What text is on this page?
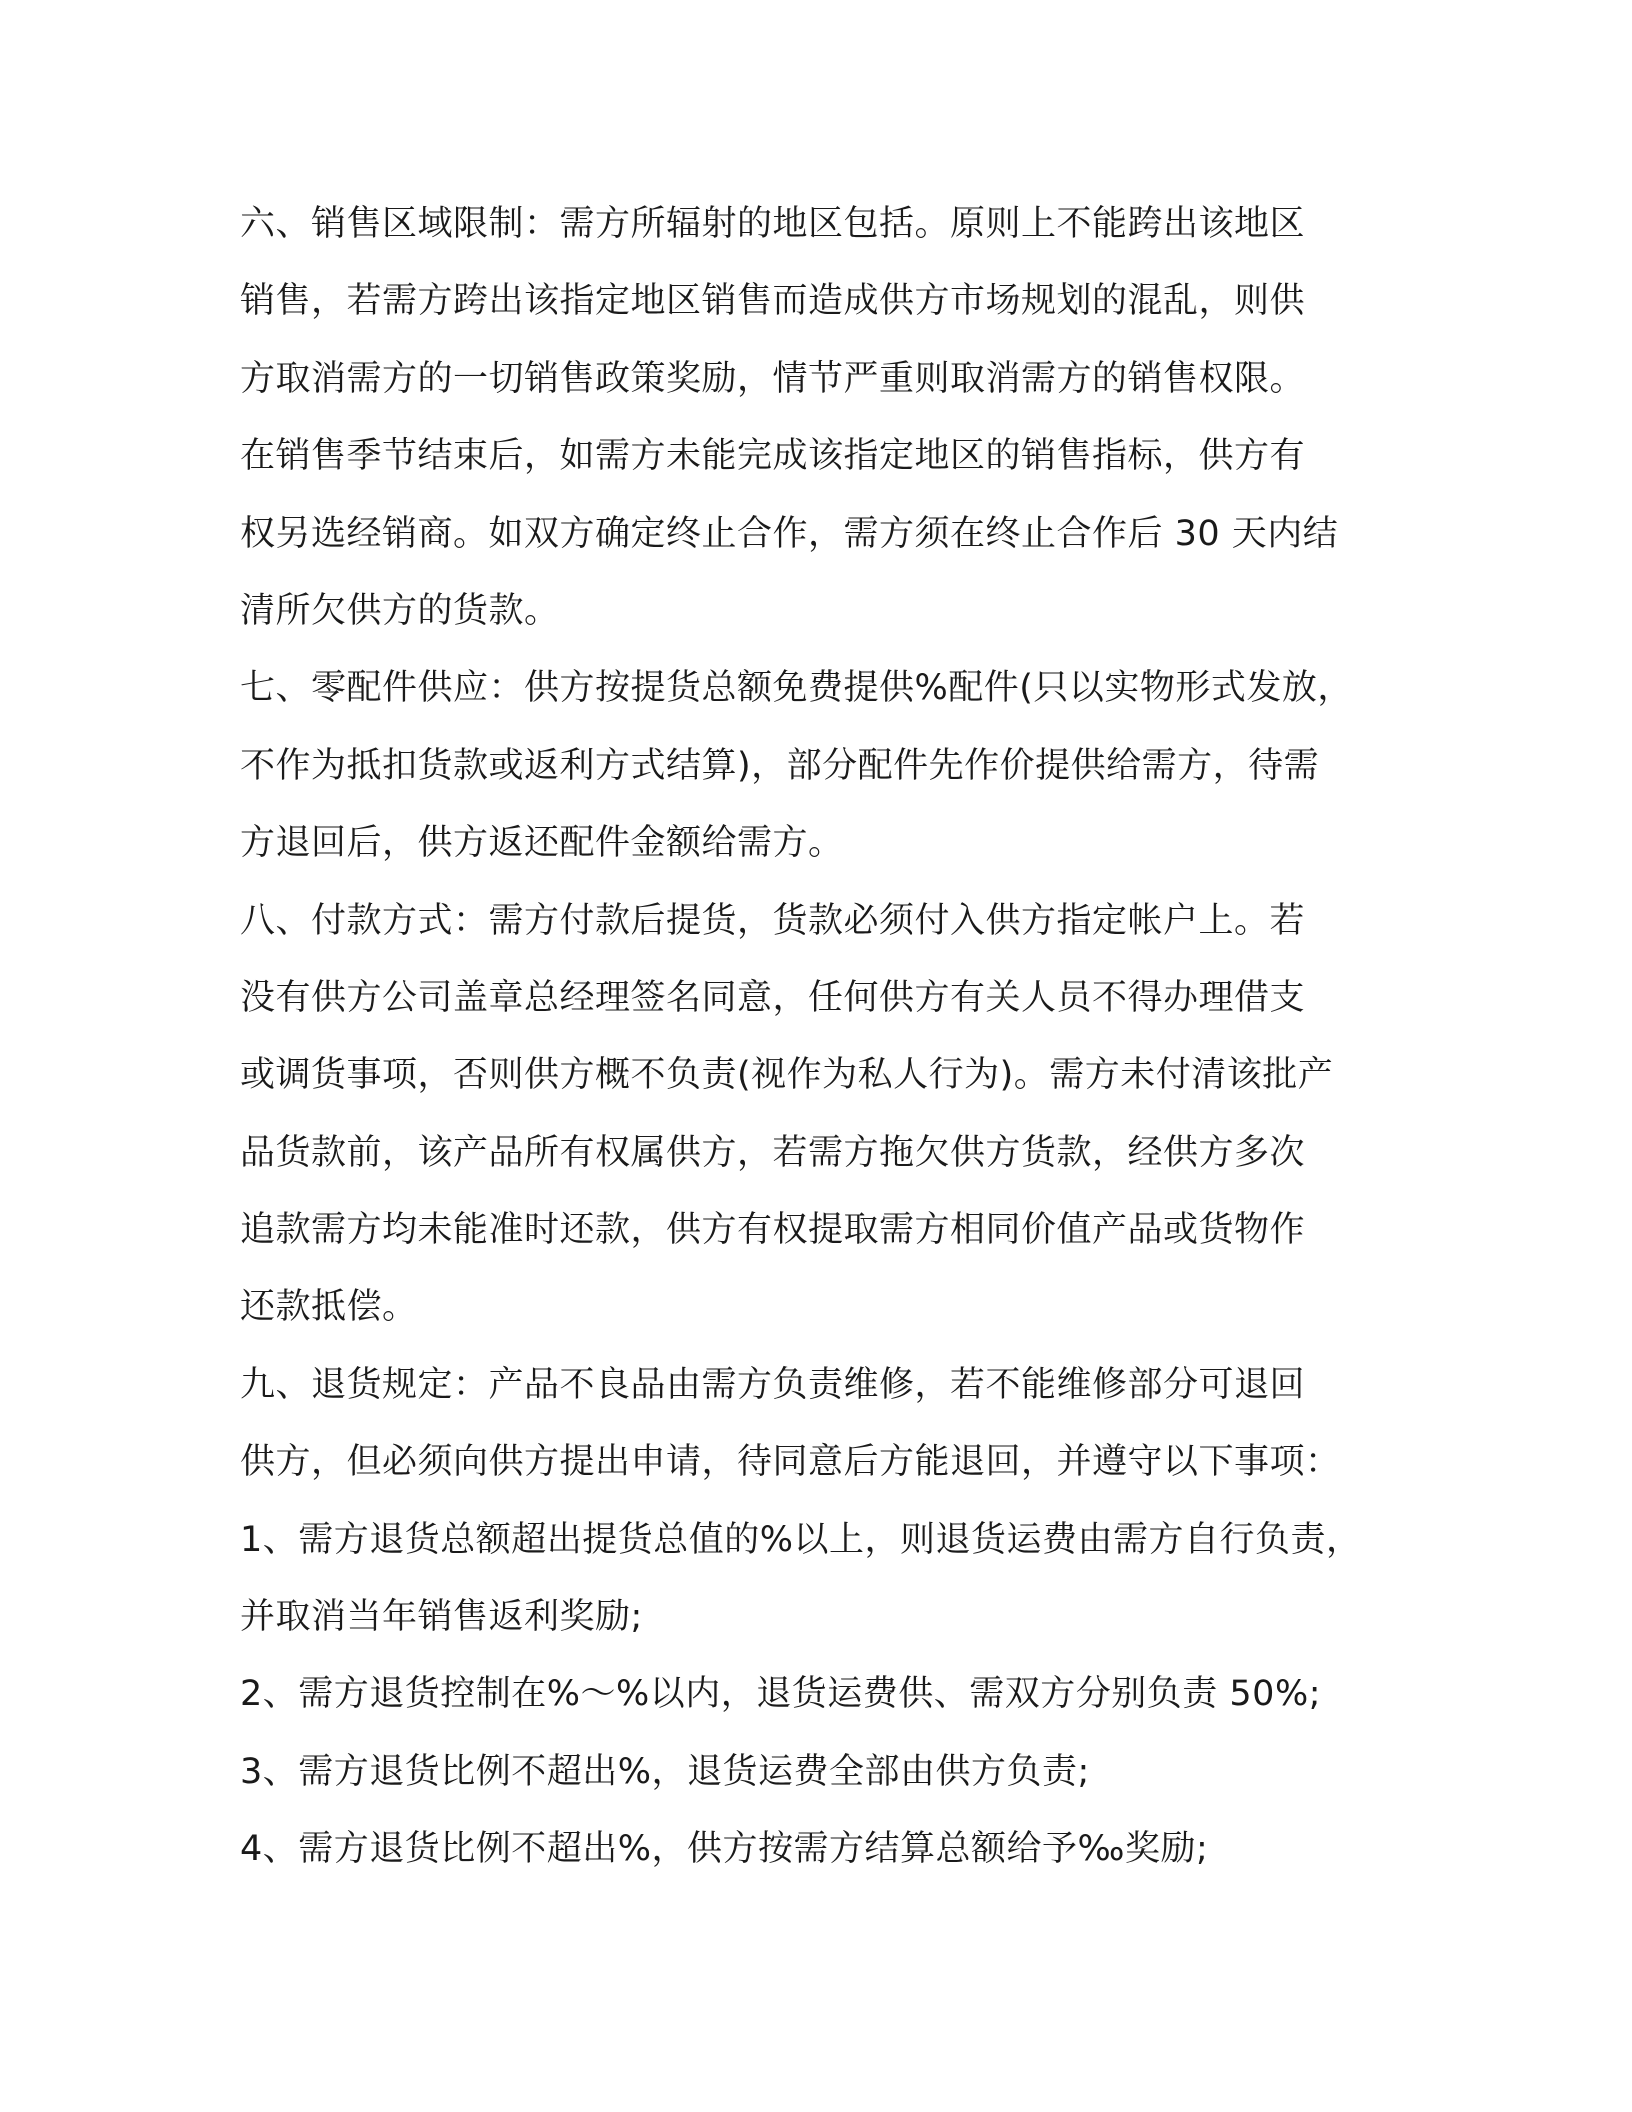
六、销售区域限制：需方所辐射的地区包括。原则上不能跨出该地区
销售，若需方跨出该指定地区销售而造成供方市场规划的混乱，则供
方取消需方的一切销售政策奖励，情节严重则取消需方的销售权限。
在销售季节结束后，如需方未能完成该指定地区的销售指标，供方有
权另选经销商。如双方确定终止合作，需方须在终止合作后 30 天内结
清所欠供方的货款。
七、零配件供应：供方按提货总额免费提供%配件(只以实物形式发放，
不作为抵扣货款或返利方式结算)，部分配件先作价提供给需方，待需
方退回后，供方返还配件金额给需方。
八、付款方式：需方付款后提货，货款必须付入供方指定帐户上。若
没有供方公司盖章总经理签名同意，任何供方有关人员不得办理借支
或调货事项，否则供方概不负责(视作为私人行为)。需方未付清该批产
品货款前，该产品所有权属供方，若需方拖欠供方货款，经供方多次
追款需方均未能准时还款，供方有权提取需方相同价值产品或货物作
还款抵偿。
九、退货规定：产品不良品由需方负责维修，若不能维修部分可退回
供方，但必须向供方提出申请，待同意后方能退回，并遵守以下事项：
1、需方退货总额超出提货总值的%以上，则退货运费由需方自行负责，
并取消当年销售返利奖励;
2、需方退货控制在%～%以内，退货运费供、需双方分别负责 50%;
3、需方退货比例不超出%，退货运费全部由供方负责;
4、需方退货比例不超出%，供方按需方结算总额给予‰奖励;
